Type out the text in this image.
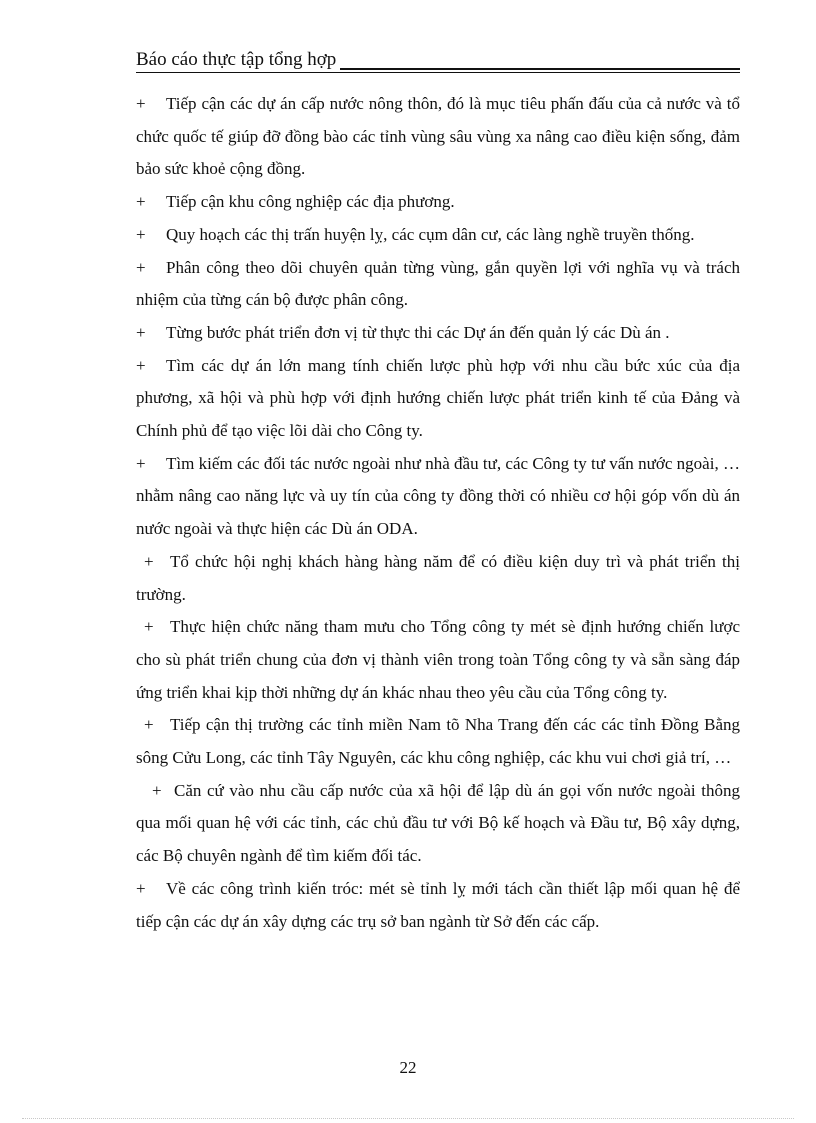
Báo cáo thực tập tổng hợp

+ Tiếp cận các dự án cấp nước nông thôn, đó là mục tiêu phấn đấu của cả nước và tổ chức quốc tế giúp đỡ đồng bào các tỉnh vùng sâu vùng xa nâng cao điều kiện sống, đảm bảo sức khoẻ cộng đồng.

+ Tiếp cận khu công nghiệp các địa phương.

+ Quy hoạch các thị trấn huyện lỵ, các cụm dân cư, các làng nghề truyền thống.

+ Phân công theo dõi chuyên quản từng vùng, gắn quyền lợi với nghĩa vụ và trách nhiệm của từng cán bộ được phân công.

+ Từng bước phát triển đơn vị từ thực thi các Dự án đến quản lý các Dù án .

+ Tìm các dự án lớn mang tính chiến lược phù hợp với nhu cầu bức xúc của địa phương, xã hội và phù hợp với định hướng chiến lược phát triển kinh tế của Đảng và Chính phủ để tạo việc lõi dài cho Công ty.

+ Tìm kiếm các đối tác nước ngoài như nhà đầu tư, các Công ty tư vấn nước ngoài, … nhằm nâng cao năng lực và uy tín của công ty đồng thời có nhiều cơ hội góp vốn dù án nước ngoài và thực hiện các Dù án ODA.

+ Tổ chức hội nghị khách hàng hàng năm để có điều kiện duy trì và phát triển thị trường.

+ Thực hiện chức năng tham mưu cho Tổng công ty mét sè định hướng chiến lược cho sù phát triển chung của đơn vị thành viên trong toàn Tổng công ty và sẵn sàng đáp ứng triển khai kịp thời những dự án khác nhau theo yêu cầu của Tổng công ty.

+ Tiếp cận thị trường các tỉnh miền Nam tõ Nha Trang đến các các tỉnh Đồng Bằng sông Cửu Long, các tỉnh Tây Nguyên, các khu công nghiệp, các khu vui chơi giả trí, …

+ Căn cứ vào nhu cầu cấp nước của xã hội để lập dù án gọi vốn nước ngoài thông qua mối quan hệ với các tỉnh, các chủ đầu tư với Bộ kế hoạch và Đầu tư, Bộ xây dựng, các Bộ chuyên ngành để tìm kiếm đối tác.

+ Về các công trình kiến tróc: mét sè tỉnh lỵ mới tách cần thiết lập mối quan hệ để tiếp cận các dự án xây dựng các trụ sở ban ngành từ Sở đến các cấp.

22
